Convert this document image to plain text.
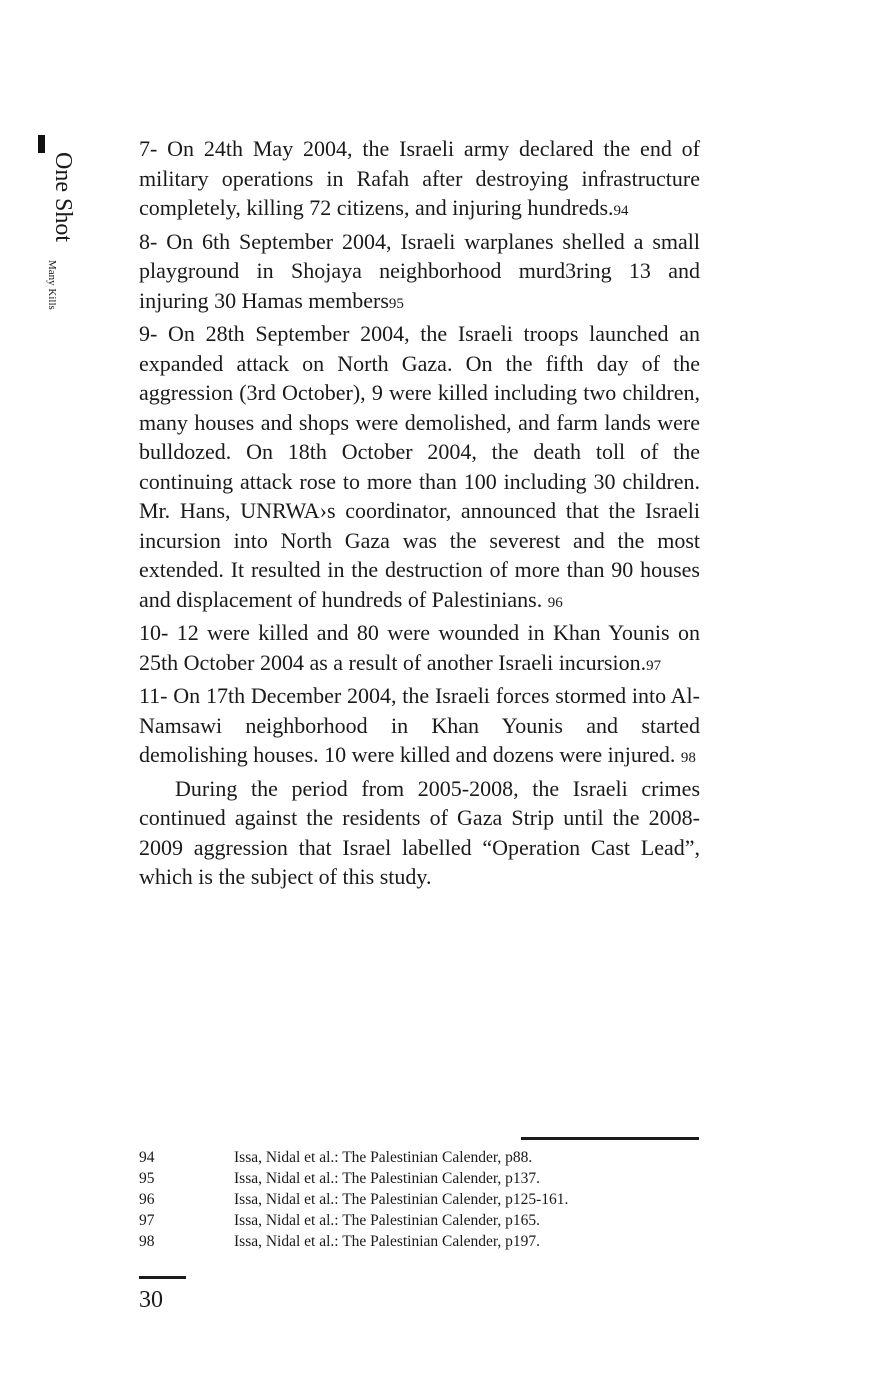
One Shot
Many Kills

7- On 24th May 2004, the Israeli army declared the end of military operations in Rafah after destroying infrastructure completely, killing 72 citizens, and injuring hundreds.94

8- On 6th September 2004, Israeli warplanes shelled a small playground in Shojaya neighborhood murd3ring 13 and injuring 30 Hamas members95

9- On 28th September 2004, the Israeli troops launched an expanded attack on North Gaza. On the fifth day of the aggression (3rd October), 9 were killed including two children, many houses and shops were demolished, and farm lands were bulldozed. On 18th October 2004, the death toll of the continuing attack rose to more than 100 including 30 children. Mr. Hans, UNRWA›s coordinator, announced that the Israeli incursion into North Gaza was the severest and the most extended. It resulted in the destruction of more than 90 houses and displacement of hundreds of Palestinians. 96

10- 12 were killed and 80 were wounded in Khan Younis on 25th October 2004 as a result of another Israeli incursion.97

11- On 17th December 2004, the Israeli forces stormed into Al-Namsawi neighborhood in Khan Younis and started demolishing houses. 10 were killed and dozens were injured. 98

During the period from 2005-2008, the Israeli crimes continued against the residents of Gaza Strip until the 2008-2009 aggression that Israel labelled “Operation Cast Lead”, which is the subject of this study.

94	Issa, Nidal et al.: The Palestinian Calender, p88.
95	Issa, Nidal et al.: The Palestinian Calender, p137.
96	Issa, Nidal et al.: The Palestinian Calender, p125-161.
97	Issa, Nidal et al.: The Palestinian Calender, p165.
98	Issa, Nidal et al.: The Palestinian Calender, p197.
30
